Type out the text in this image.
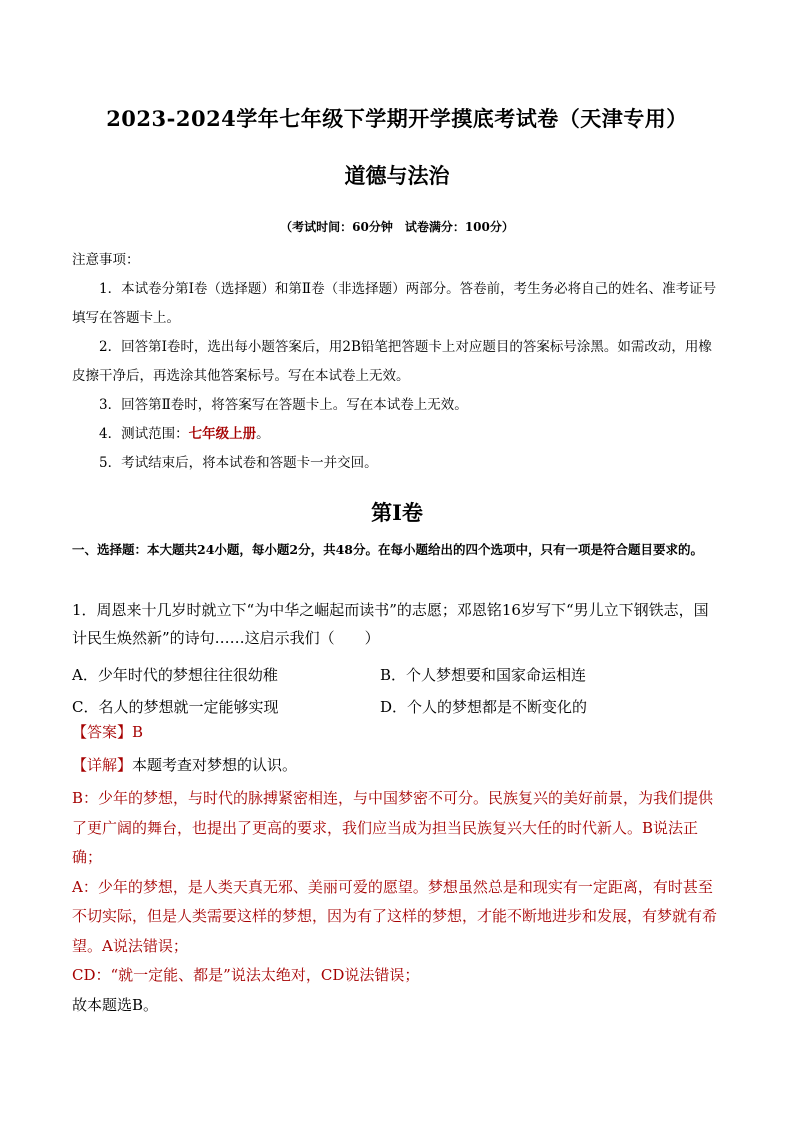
2023-2024学年七年级下学期开学摸底考试卷（天津专用）
道德与法治
（考试时间：60分钟　试卷满分：100分）
注意事项：
1．本试卷分第Ⅰ卷（选择题）和第Ⅱ卷（非选择题）两部分。答卷前，考生务必将自己的姓名、准考证号填写在答题卡上。
2．回答第Ⅰ卷时，选出每小题答案后，用2B铅笔把答题卡上对应题目的答案标号涂黑。如需改动，用橡皮擦干净后，再选涂其他答案标号。写在本试卷上无效。
3．回答第Ⅱ卷时，将答案写在答题卡上。写在本试卷上无效。
4．测试范围：七年级上册。
5．考试结束后，将本试卷和答题卡一并交回。
第Ⅰ卷
一、选择题：本大题共24小题，每小题2分，共48分。在每小题给出的四个选项中，只有一项是符合题目要求的。
1．周恩来十几岁时就立下“为中华之崛起而读书”的志愿；邓恩铭16岁写下“男儿立下钢铁志，国计民生焕然新”的诗句……这启示我们（　　）
A．少年时代的梦想往往很幼稚	B．个人梦想要和国家命运相连
C．名人的梦想就一定能够实现	D．个人的梦想都是不断变化的
【答案】B
【详解】本题考查对梦想的认识。
B：少年的梦想，与时代的脉搏紧密相连，与中国梦密不可分。民族复兴的美好前景，为我们提供了更广阔的舞台，也提出了更高的要求，我们应当成为担当民族复兴大任的时代新人。B说法正确；
A：少年的梦想，是人类天真无邪、美丽可爱的愿望。梦想虽然总是和现实有一定距离，有时甚至不切实际，但是人类需要这样的梦想，因为有了这样的梦想，才能不断地进步和发展，有梦就有希望。A说法错误；
CD：“就一定能、都是”说法太绝对，CD说法错误；
故本题选B。
